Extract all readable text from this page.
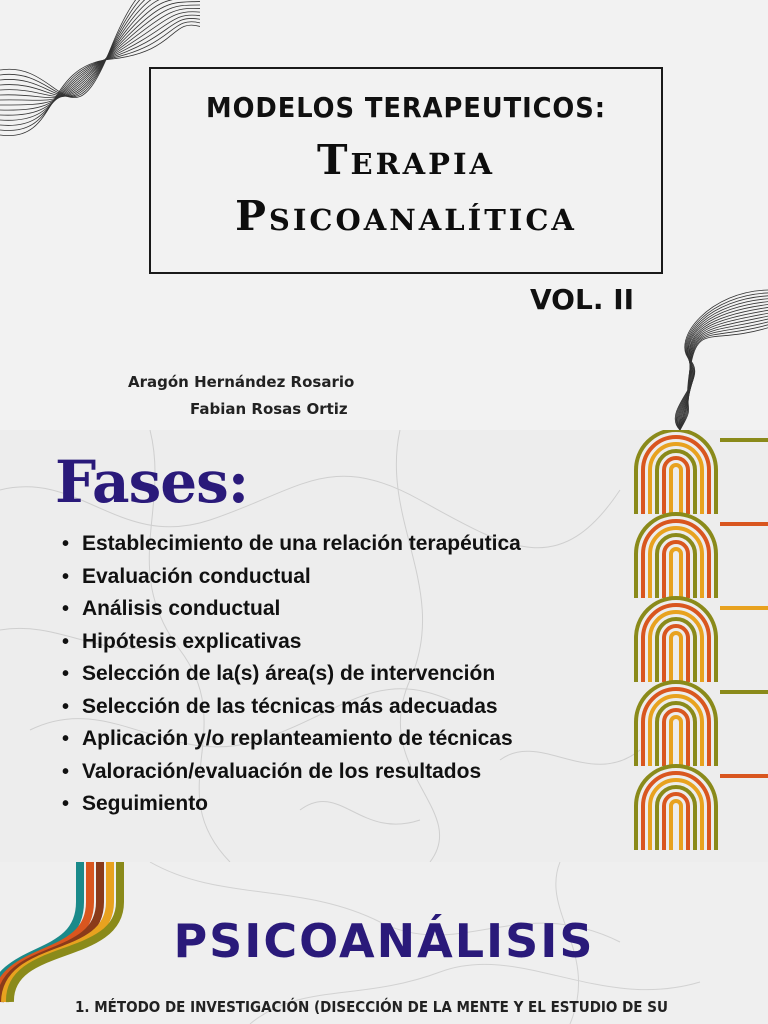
MODELOS TERAPEUTICOS:
Terapia
Psicoanalítica
VOL. II
Aragón Hernández Rosario
Fabian Rosas Ortiz
Fases:
• Establecimiento de una relación terapéutica
• Evaluación conductual
• Análisis conductual
• Hipótesis explicativas
• Selección de la(s) área(s) de intervención
• Selección de las técnicas más adecuadas
• Aplicación y/o replanteamiento de técnicas
• Valoración/evaluación de los resultados
• Seguimiento
PSICOANÁLISIS
1. MÉTODO DE INVESTIGACIÓN (DISECCIÓN DE LA MENTE Y EL ESTUDIO DE SU
